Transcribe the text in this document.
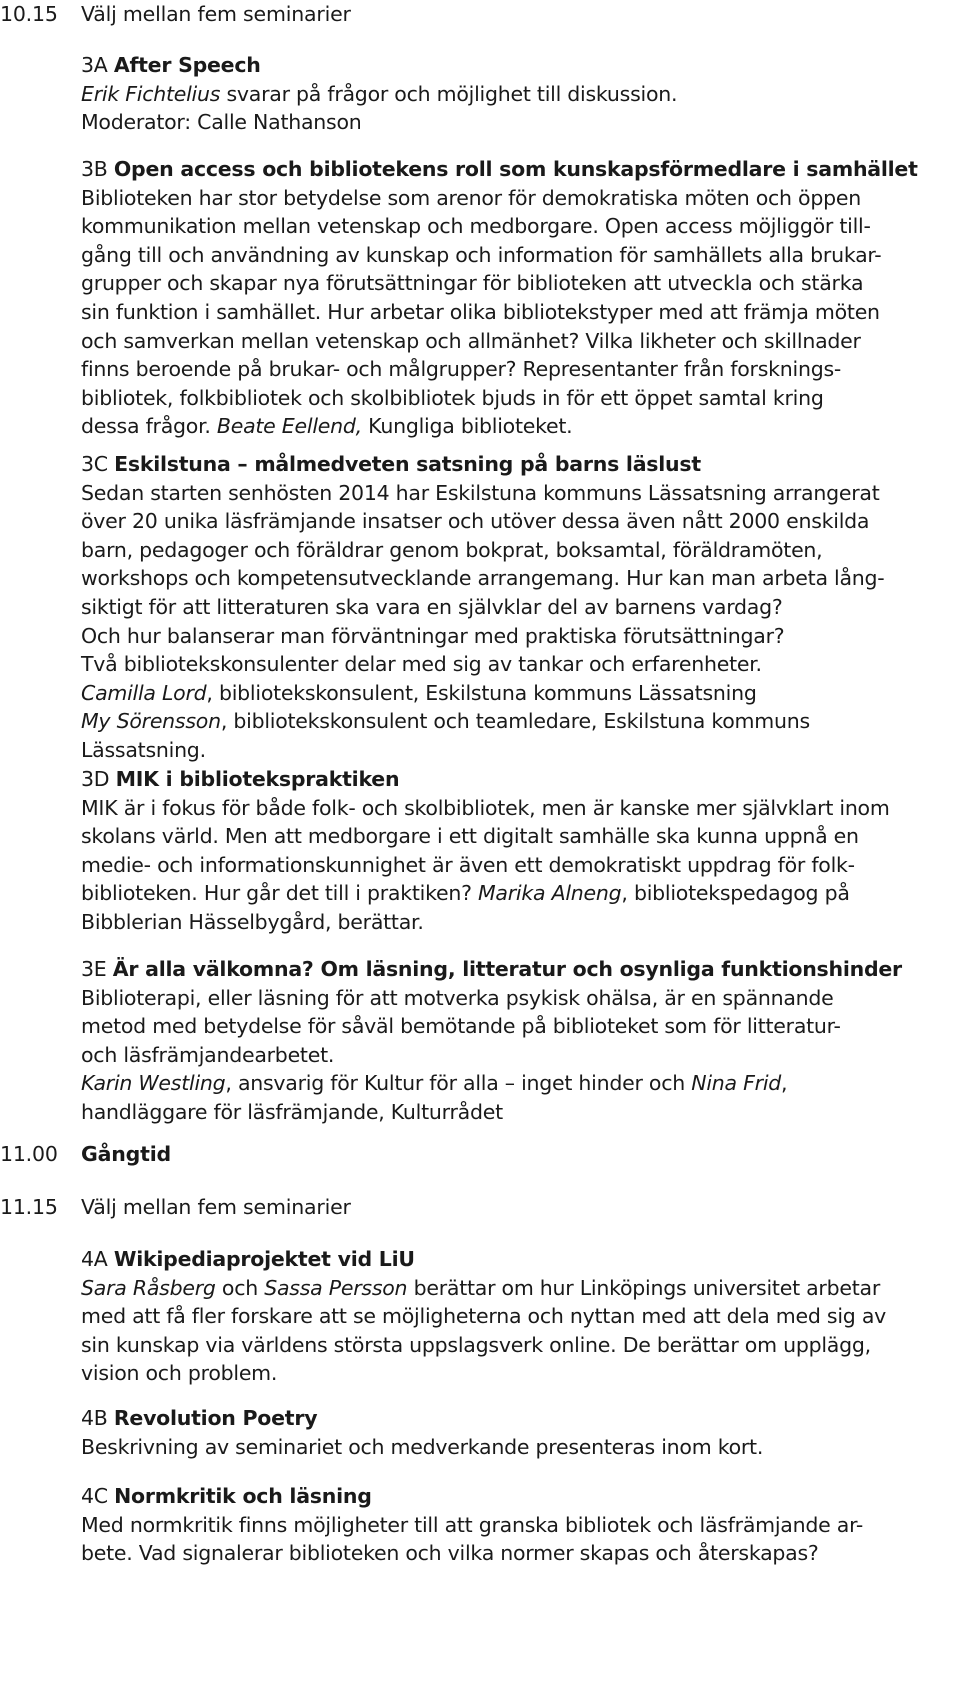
10.15	Välj mellan fem seminarier
11.00	Gångtid
11.15	Välj mellan fem seminarier
3A After Speech
Erik Fichtelius svarar på frågor och möjlighet till diskussion.
Moderator: Calle Nathanson
3B Open access och bibliotekens roll som kunskapsförmedlare i samhället
Biblioteken har stor betydelse som arenor för demokratiska möten och öppen
kommunikation mellan vetenskap och medborgare. Open access möjliggör till-
gång till och användning av kunskap och information för samhällets alla brukar-
grupper och skapar nya förutsättningar för biblioteken att utveckla och stärka
sin funktion i samhället. Hur arbetar olika bibliotekstyper med att främja möten
och samverkan mellan vetenskap och allmänhet? Vilka likheter och skillnader
finns beroende på brukar- och målgrupper? Representanter från forsknings-
bibliotek, folkbibliotek och skolbibliotek bjuds in för ett öppet samtal kring
dessa frågor. Beate Eellend, Kungliga biblioteket.
3C Eskilstuna – målmedveten satsning på barns läslust
Sedan starten senhösten 2014 har Eskilstuna kommuns Lässatsning arrangerat
över 20 unika läsfrämjande insatser och utöver dessa även nått 2000 enskilda
barn, pedagoger och föräldrar genom bokprat, boksamtal, föräldramöten,
workshops och kompetensutvecklande arrangemang. Hur kan man arbeta lång-
siktigt för att litteraturen ska vara en självklar del av barnens vardag?
Och hur balanserar man förväntningar med praktiska förutsättningar?
Två bibliotekskonsulenter delar med sig av tankar och erfarenheter.
Camilla Lord, bibliotekskonsulent, Eskilstuna kommuns Lässatsning
My Sörensson, bibliotekskonsulent och teamledare, Eskilstuna kommuns
Lässatsning.
3D MIK i bibliotekspraktiken
MIK är i fokus för både folk- och skolbibliotek, men är kanske mer självklart inom
skolans värld. Men att medborgare i ett digitalt samhälle ska kunna uppnå en
medie- och informationskunnighet är även ett demokratiskt uppdrag för folk-
biblioteken. Hur går det till i praktiken? Marika Alneng, bibliotekspedagog på
Bibblerian Hässelbygård, berättar.
3E Är alla välkomna? Om läsning, litteratur och osynliga funktionshinder
Biblioterapi, eller läsning för att motverka psykisk ohälsa, är en spännande
metod med betydelse för såväl bemötande på biblioteket som för litteratur-
och läsfrämjandearbetet.
Karin Westling, ansvarig för Kultur för alla – inget hinder och Nina Frid,
handläggare för läsfrämjande, Kulturrådet
4A Wikipediaprojektet vid LiU
Sara Råsberg och Sassa Persson berättar om hur Linköpings universitet arbetar
med att få fler forskare att se möjligheterna och nyttan med att dela med sig av
sin kunskap via världens största uppslagsverk online. De berättar om upplägg,
vision och problem.
4B Revolution Poetry
Beskrivning av seminariet och medverkande presenteras inom kort.
4C Normkritik och läsning
Med normkritik finns möjligheter till att granska bibliotek och läsfrämjande ar-
bete. Vad signalerar biblioteken och vilka normer skapas och återskapas?
